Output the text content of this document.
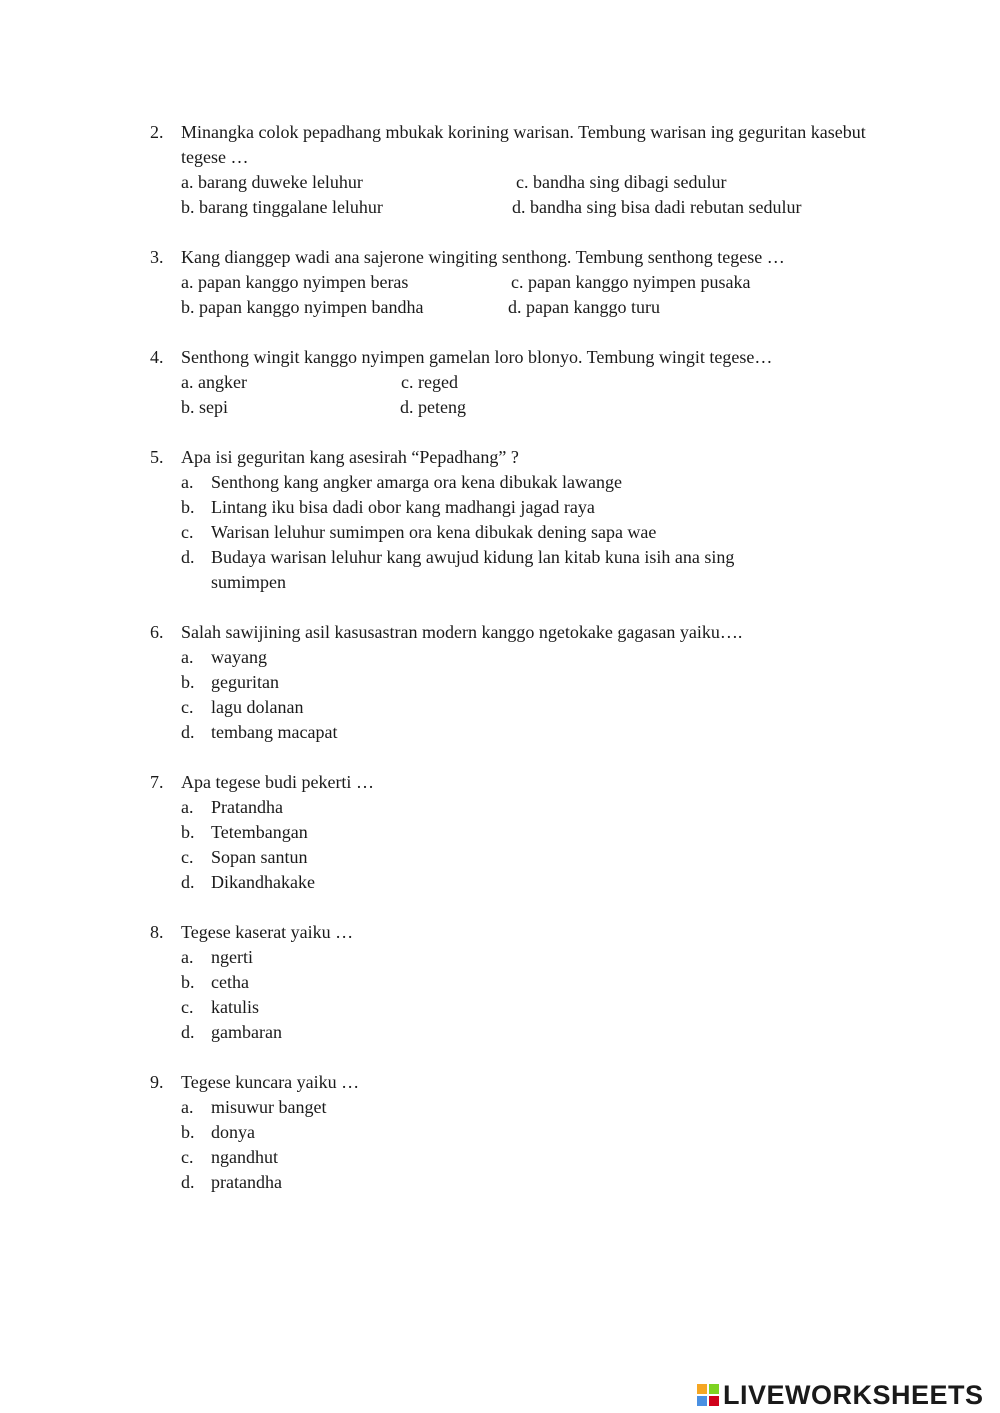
2. Minangka colok pepadhang mbukak korining warisan. Tembung warisan ing geguritan kasebut tegese …
a. barang duweke leluhur
b. barang tinggalane leluhur
c. bandha sing dibagi sedulur
d. bandha sing bisa dadi rebutan sedulur
3. Kang dianggep wadi ana sajerone wingiting senthong. Tembung senthong tegese …
a. papan kanggo nyimpen beras
b. papan kanggo nyimpen bandha
c. papan kanggo nyimpen pusaka
d. papan kanggo turu
4. Senthong wingit kanggo nyimpen gamelan loro blonyo. Tembung wingit tegese…
a. angker
b. sepi
c. reged
d. peteng
5. Apa isi geguritan kang asesirah “Pepadhang” ?
a. Senthong kang angker amarga ora kena dibukak lawange
b. Lintang iku bisa dadi obor kang madhangi jagad raya
c. Warisan leluhur sumimpen ora kena dibukak dening sapa wae
d. Budaya warisan leluhur kang awujud kidung lan kitab kuna isih ana sing sumimpen
6. Salah sawijining asil kasusastran modern kanggo ngetokake gagasan yaiku….
a. wayang
b. geguritan
c. lagu dolanan
d. tembang macapat
7. Apa tegese budi pekerti …
a. Pratandha
b. Tetembangan
c. Sopan santun
d. Dikandhakake
8. Tegese kaserat yaiku …
a. ngerti
b. cetha
c. katulis
d. gambaran
9. Tegese kuncara yaiku …
a. misuwur banget
b. donya
c. ngandhut
d. pratandha
LIVEWORKSHEETS
